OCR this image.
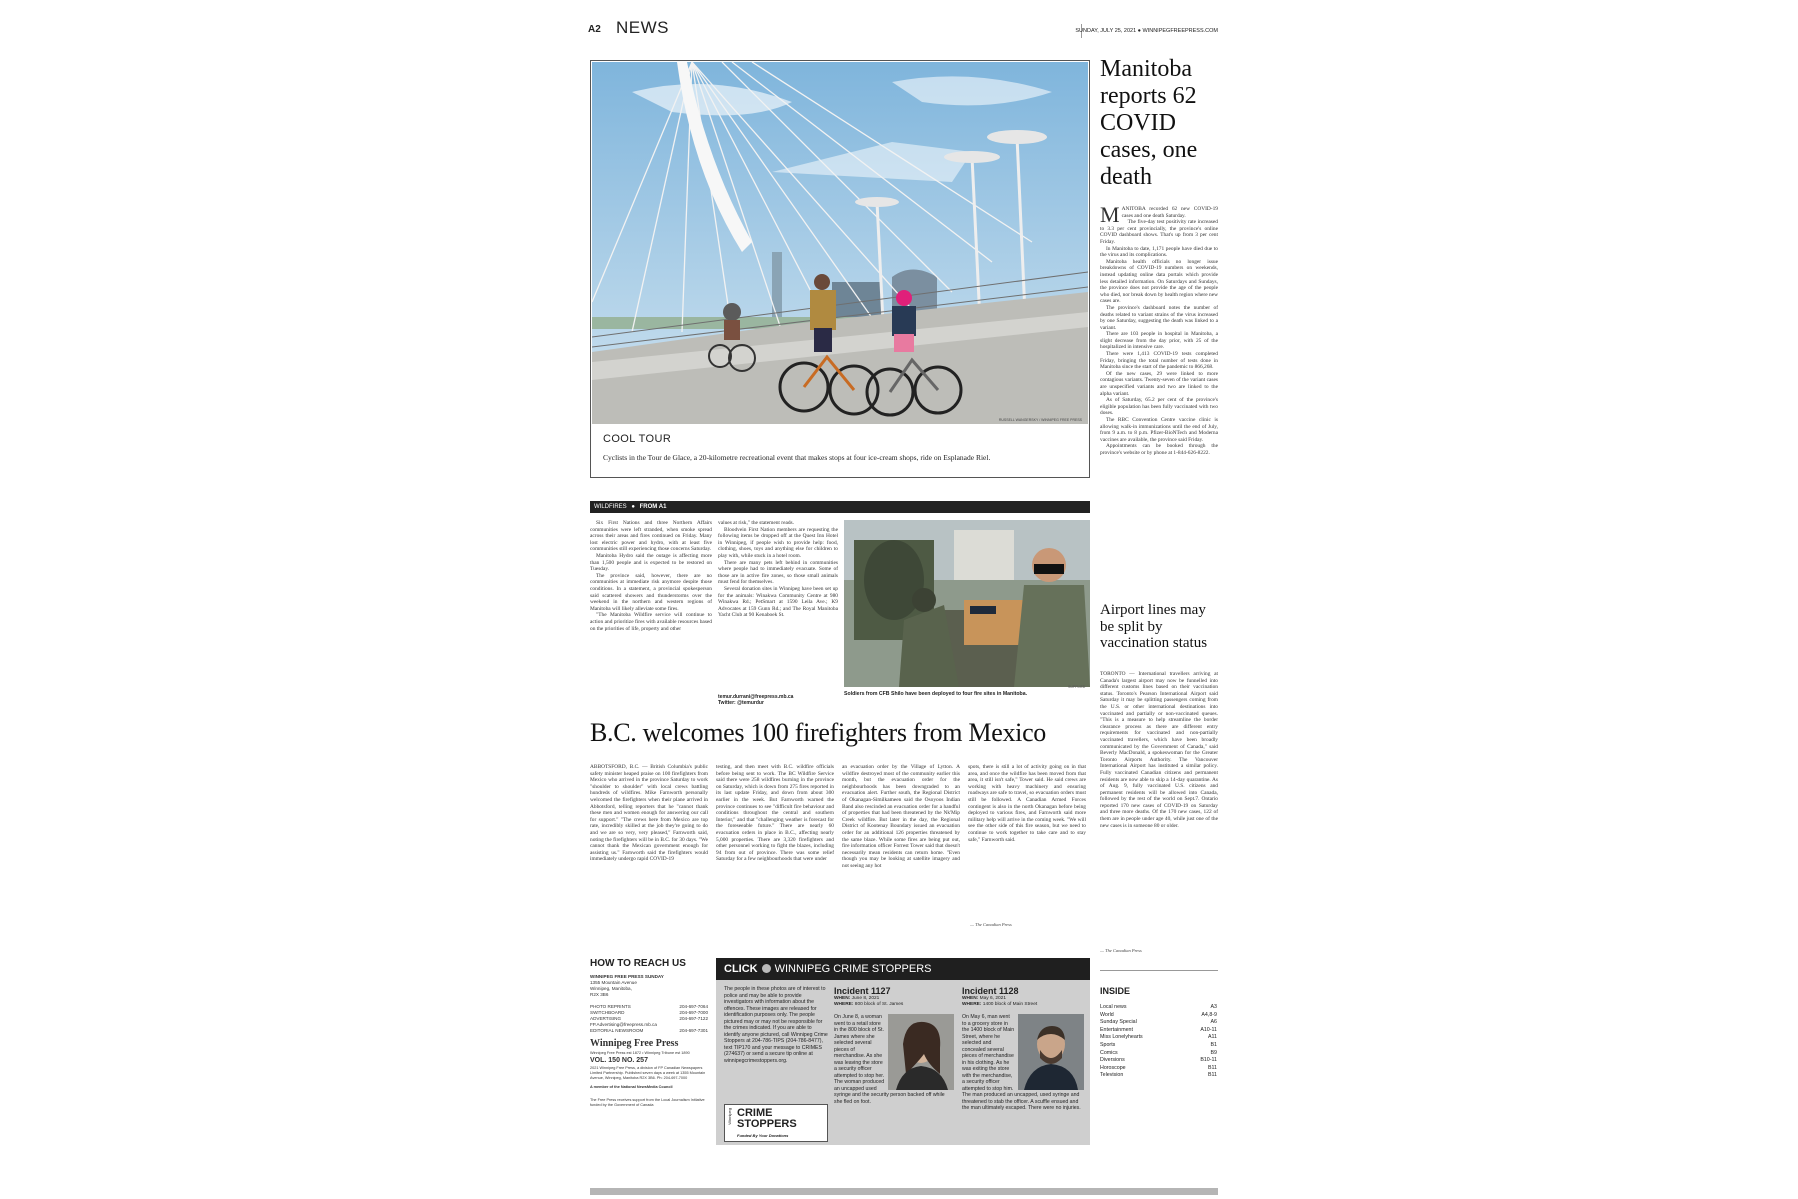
A2 NEWS	SUNDAY, JULY 25, 2021 ● WINNIPEGFREEPRESS.COM
RUSSELL WANGERSKY / WINNIPEG FREE PRESS
COOL TOUR
Cyclists in the Tour de Glace, a 20-kilometre recreational event that makes stops at four ice-cream shops, ride on Esplanade Riel.
Manitoba reports 62 COVID cases, one death

MANITOBA recorded 62 new COVID-19 cases and one death Saturday.

The five-day test positivity rate increased to 3.3 per cent provincially, the province's online COVID dashboard shows. That's up from 3 per cent Friday.

In Manitoba to date, 1,171 people have died due to the virus and its complications.

Manitoba health officials no longer issue breakdowns of COVID-19 numbers on weekends, instead updating online data portals which provide less detailed information. On Saturdays and Sundays, the province does not provide the age of the people who died, nor break down by health region where new cases are.

The province's dashboard notes the number of deaths related to variant strains of the virus increased by one Saturday, suggesting the death was linked to a variant.

There are 103 people in hospital in Manitoba, a slight decrease from the day prior, with 25 of the hospitalized in intensive care.

There were 1,413 COVID-19 tests completed Friday, bringing the total number of tests done in Manitoba since the start of the pandemic to 866,268.

Of the new cases, 29 were linked to more contagious variants. Twenty-seven of the variant cases are unspecified variants and two are linked to the alpha variant.

As of Saturday, 65.2 per cent of the province's eligible population has been fully vaccinated with two doses.

The RBC Convention Centre vaccine clinic is allowing walk-in immunizations until the end of July, from 9 a.m. to 8 p.m. Pfizer-BioNTech and Moderna vaccines are available, the province said Friday.

Appointments can be booked through the province's website or by phone at 1-844-626-8222.

WILDFIRES ● FROM A1

Six First Nations and three Northern Affairs communities were left stranded, when smoke spread across their areas and fires continued on Friday. Many lost electric power and hydro, with at least five communities still experiencing those concerns Saturday.

Manitoba Hydro said the outage is affecting more than 1,500 people and is expected to be restored on Tuesday.

The province said, however, there are no communities at immediate risk anymore despite those conditions. In a statement, a provincial spokesperson said scattered showers and thunderstorms over the weekend in the northern and western regions of Manitoba will likely alleviate some fires.

"The Manitoba Wildfire service will continue to action and prioritize fires with available resources based on the priorities of life, property and other

values at risk," the statement reads.

Bloodvein First Nation members are requesting the following items be dropped off at the Quest Inn Hotel in Winnipeg, if people wish to provide help: food, clothing, shoes, toys and anything else for children to play with, while stuck in a hotel room.

There are many pets left behind in communities where people had to immediately evacuate. Some of those are in active fire zones, so those small animals must fend for themselves.

Several donation sites in Winnipeg have been set up for the animals: Winakwa Community Centre at 980 Winakwa Rd.; PetSmart at 1590 Leila Ave.; K9 Advocates at 159 Gunn Rd.; and The Royal Manitoba Yacht Club at 90 Kenaboek St.

temur.durrani@freepress.mb.ca
Twitter: @temurdur
SUPPLIED
Soldiers from CFB Shilo have been deployed to four fire sites in Manitoba.
B.C. welcomes 100 firefighters from Mexico

ABBOTSFORD, B.C. — British Columbia's public safety minister heaped praise on 100 firefighters from Mexico who arrived in the province Saturday to work "shoulder to shoulder" with local crews battling hundreds of wildfires. Mike Farnworth personally welcomed the firefighters when their plane arrived in Abbotsford, telling reporters that he "cannot thank these men and women enough for answering our call for support." "The crews here from Mexico are top rate, incredibly skilled at the job they're going to do and we are so very, very pleased," Farnworth said, noting the firefighters will be in B.C. for 30 days. "We cannot thank the Mexican government enough for assisting us." Farnworth said the firefighters would immediately undergo rapid COVID-19

testing, and then meet with B.C. wildfire officials before being sent to work. The BC Wildfire Service said there were 258 wildfires burning in the province on Saturday, which is down from 275 fires reported in its last update Friday, and down from about 300 earlier in the week. But Farnworth warned the province continues to see "difficult fire behaviour and conditions throughout the central and southern Interior," and that "challenging weather is forecast for the foreseeable future." There are nearly 60 evacuation orders in place in B.C., affecting nearly 5,000 properties. There are 3,320 firefighters and other personnel working to fight the blazes, including 94 from out of province. There was some relief Saturday for a few neighbourhoods that were under

an evacuation order by the Village of Lytton. A wildfire destroyed most of the community earlier this month, but the evacuation order for the neighbourhoods has been downgraded to an evacuation alert. Further south, the Regional District of Okanagan-Similkameen said the Osoyoos Indian Band also rescinded an evacuation order for a handful of properties that had been threatened by the Nk'Mip Creek wildfire. But later in the day, the Regional District of Kootenay Boundary issued an evacuation order for an additional 126 properties threatened by the same blaze. While some fires are being put out, fire information officer Forrest Tower said that doesn't necessarily mean residents can return home. "Even though you may be looking at satellite imagery and not seeing any hot

spots, there is still a lot of activity going on in that area, and once the wildfire has been moved from that area, it still isn't safe," Tower said. He said crews are working with heavy machinery and ensuring roadways are safe to travel, so evacuation orders must still be followed. A Canadian Armed Forces contingent is also in the north Okanagan before being deployed to various fires, and Farnworth said more military help will arrive in the coming week. "We will see the other side of this fire season, but we need to continue to work together to take care and to stay safe," Farnworth said.

— The Canadian Press
Airport lines may be split by vaccination status

TORONTO — International travellers arriving at Canada's largest airport may now be funnelled into different customs lines based on their vaccination status. Toronto's Pearson International Airport said Saturday it may be splitting passengers coming from the U.S. or other international destinations into vaccinated and partially or non-vaccinated queues. "This is a measure to help streamline the border clearance process as there are different entry requirements for vaccinated and non-partially vaccinated travellers, which have been broadly communicated by the Government of Canada," said Beverly MacDonald, a spokeswoman for the Greater Toronto Airports Authority. The Vancouver International Airport has instituted a similar policy. Fully vaccinated Canadian citizens and permanent residents are now able to skip a 14-day quarantine. As of Aug. 9, fully vaccinated U.S. citizens and permanent residents will be allowed into Canada, followed by the rest of the world on Sept.7. Ontario reported 170 new cases of COVID-19 on Saturday and three more deaths. Of the 170 new cases, 122 of them are in people under age 40, while just one of the new cases is in someone 80 or older.

— The Canadian Press
HOW TO REACH US
WINNIPEG FREE PRESS SUNDAY
1355 Mountain Avenue
Winnipeg, Manitoba,
R2X 3B6
PHOTO REPRINTS	204-697-7064
SWITCHBOARD	204-697-7000
ADVERTISING	204-697-7122
FP.Advertising@freepress.mb.ca
EDITORIAL NEWSROOM	204-697-7301
Winnipeg Free Press
Winnipeg Free Press est 1872 • Winnipeg Tribune est 1890
VOL. 150 NO. 257
2021 Winnipeg Free Press, a division of FP Canadian Newspapers Limited Partnership. Published seven days a week at 1355 Mountain Avenue, Winnipeg, Manitoba R2X 3B6. Ph: 204-697-7000
A member of the National NewsMedia Council
The Free Press receives support from the Local Journalism Initiative funded by the Government of Canada
CLICK WINNIPEG CRIME STOPPERS
The people in these photos are of interest to police and may be able to provide investigators with information about the offences. These images are released for identification purposes only. The people pictured may or may not be responsible for the crimes indicated. If you are able to identify anyone pictured, call Winnipeg Crime Stoppers at 204-786-TIPS (204-786-8477), text TIP170 and your message to CRIMES (274637) or send a secure tip online at winnipegcrimestoppers.org.
Winnipeg CRIME STOPPERS
Funded By Your Donations
Incident 1127
WHEN: June 8, 2021
WHERE: 800 block of St. James
On June 8, a woman went to a retail store in the 800 block of St. James where she selected several pieces of merchandise. As she was leaving the store a security officer attempted to stop her. The woman produced an uncapped used syringe and the security person backed off while she fled on foot.
Incident 1128
WHEN: May 6, 2021
WHERE: 1400 block of Main Street
On May 6, man went to a grocery store in the 1400 block of Main Street, where he selected and concealed several pieces of merchandise in his clothing. As he was exiting the store with the merchandise, a security officer attempted to stop him. The man produced an uncapped, used syringe and threatened to stab the officer. A scuffle ensued and the man ultimately escaped. There were no injuries.
INSIDE
Local news	A3
World	A4,8-9
Sunday Special	A6
Entertainment	A10-11
Miss Lonelyhearts	A11
Sports	B1
Comics	B9
Diversions	B10-11
Horoscope	B11
Television	B11
